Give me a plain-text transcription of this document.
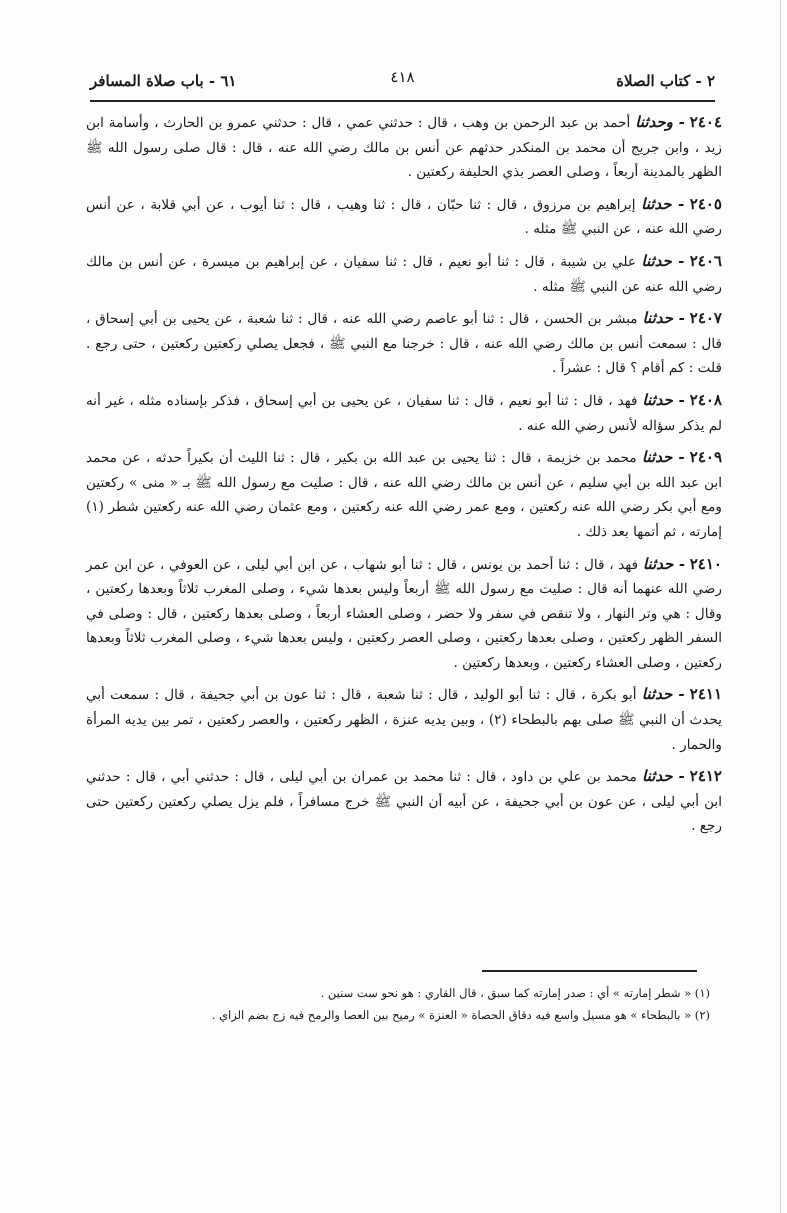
٢ - كتاب الصلاة
٤١٨
٦١ - باب صلاة المسافر

٢٤٠٤ - وحدثنا أحمد بن عبد الرحمن بن وهب ، قال : حدثني عمي ، قال : حدثني عمرو بن الحارث ، وأسامة ابن زيد ، وابن جريج أن محمد بن المنكدر حدثهم عن أنس بن مالك رضي الله عنه ، قال : قال صلى رسول الله ﷺ الظهر بالمدينة أربعاً ، وصلى العصر بذي الحليفة ركعتين .

٢٤٠٥ - حدثنا إبراهيم بن مرزوق ، قال : ثنا حبّان ، قال : ثنا وهيب ، قال : ثنا أيوب ، عن أبي قلابة ، عن أنس رضي الله عنه ، عن النبي ﷺ مثله .

٢٤٠٦ - حدثنا علي بن شيبة ، قال : ثنا أبو نعيم ، قال : ثنا سفيان ، عن إبراهيم بن ميسرة ، عن أنس بن مالك رضي الله عنه عن النبي ﷺ مثله .

٢٤٠٧ - حدثنا مبشر بن الحسن ، قال : ثنا أبو عاصم رضي الله عنه ، قال : ثنا شعبة ، عن يحيى بن أبي إسحاق ، قال : سمعت أنس بن مالك رضي الله عنه ، قال : خرجنا مع النبي ﷺ ، فجعل يصلي ركعتين ركعتين ، حتى رجع . قلت : كم أقام ؟ قال : عشراً .

٢٤٠٨ - حدثنا فهد ، قال : ثنا أبو نعيم ، قال : ثنا سفيان ، عن يحيى بن أبي إسحاق ، فذكر بإسناده مثله ، غير أنه لم يذكر سؤاله لأنس رضي الله عنه .

٢٤٠٩ - حدثنا محمد بن خزيمة ، قال : ثنا يحيى بن عبد الله بن بكير ، قال : ثنا الليث أن بكيراً حدثه ، عن محمد ابن عبد الله بن أبي سليم ، عن أنس بن مالك رضي الله عنه ، قال : صليت مع رسول الله ﷺ بـ « منى » ركعتين ومع أبي بكر رضي الله عنه ركعتين ، ومع عمر رضي الله عنه ركعتين ، ومع عثمان رضي الله عنه ركعتين شطر (١) إمارته ، ثم أتمها بعد ذلك .

٢٤١٠ - حدثنا فهد ، قال : ثنا أحمد بن يونس ، قال : ثنا أبو شهاب ، عن ابن أبي ليلى ، عن العوفي ، عن ابن عمر رضي الله عنهما أنه قال : صليت مع رسول الله ﷺ أربعاً وليس بعدها شيء ، وصلى المغرب ثلاثاً وبعدها ركعتين ، وقال : هي وتر النهار ، ولا تنقص في سفر ولا حضر ، وصلى العشاء أربعاً ، وصلى بعدها ركعتين ، قال : وصلى في السفر الظهر ركعتين ، وصلى بعدها ركعتين ، وصلى العصر ركعتين ، وليس بعدها شيء ، وصلى المغرب ثلاثاً وبعدها ركعتين ، وصلى العشاء ركعتين ، وبعدها ركعتين .

٢٤١١ - حدثنا أبو بكرة ، قال : ثنا أبو الوليد ، قال : ثنا شعبة ، قال : ثنا عون بن أبي جحيفة ، قال : سمعت أبي يحدث أن النبي ﷺ صلى بهم بالبطحاء (٢) ، وبين يديه عنزة ، الظهر ركعتين ، والعصر ركعتين ، تمر بين يديه المرأة والحمار .

٢٤١٢ - حدثنا محمد بن علي بن داود ، قال : ثنا محمد بن عمران بن أبي ليلى ، قال : حدثني أبي ، قال : حدثني ابن أبي ليلى ، عن عون بن أبي جحيفة ، عن أبيه أن النبي ﷺ خرج مسافراً ، فلم يزل يصلي ركعتين ركعتين حتى رجع .

(١) « شطر إمارته » أي : صدر إمارته كما سبق ، قال القاري : هو نحو ست سنين .

(٢) « بالبطحاء » هو مسيل واسع فيه دقاق الحصاة « العنزة » رميح بين العصا والرمح فيه زج بضم الزاي .
